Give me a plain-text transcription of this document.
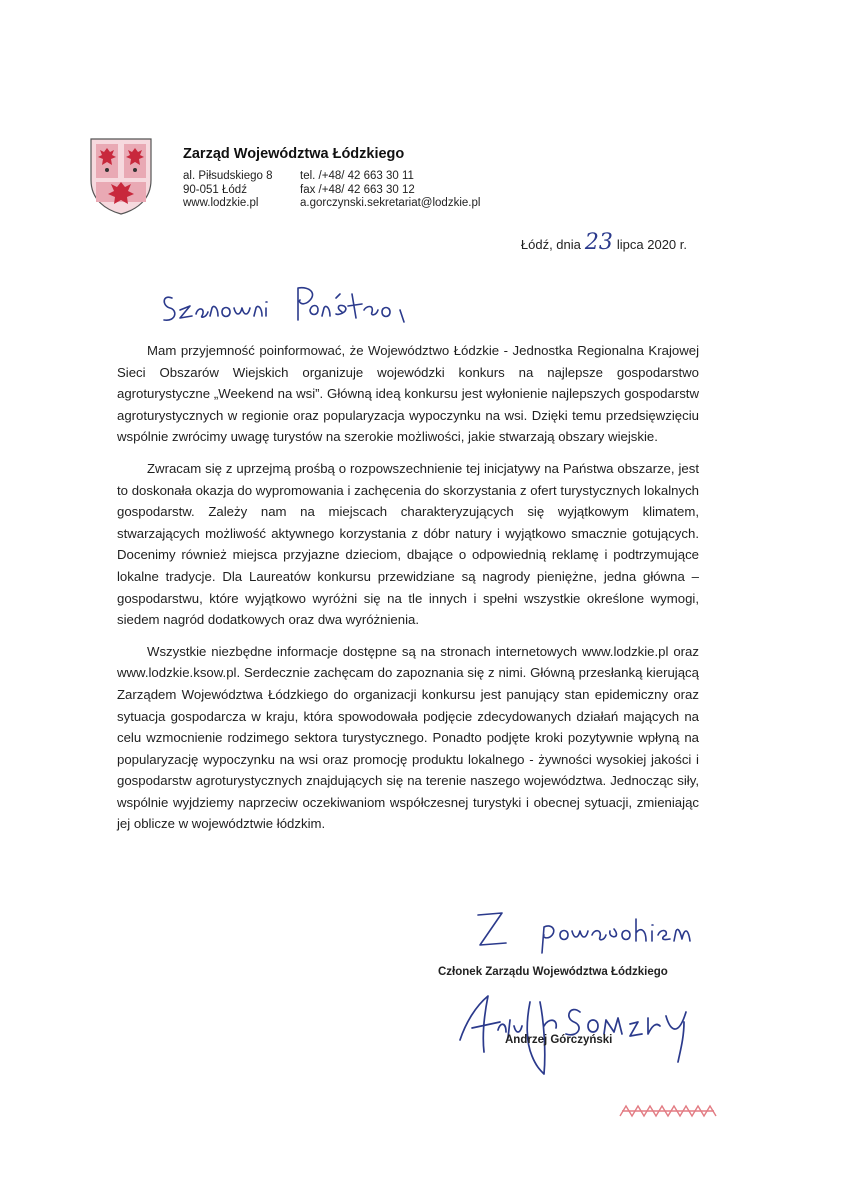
Zarząd Województwa Łódzkiego
al. Piłsudskiego 8
90-051 Łódź
www.lodzkie.pl
tel. /+48/ 42 663 30 11
fax /+48/ 42 663 30 12
a.gorczynski.sekretariat@lodzkie.pl
Łódź, dnia 23 lipca 2020 r.

Mam przyjemność poinformować, że Województwo Łódzkie - Jednostka Regionalna Krajowej Sieci Obszarów Wiejskich organizuje wojewódzki konkurs na najlepsze gospodarstwo agroturystyczne „Weekend na wsi”. Główną ideą konkursu jest wyłonienie najlepszych gospodarstw agroturystycznych w regionie oraz popularyzacja wypoczynku na wsi. Dzięki temu przedsięwzięciu wspólnie zwrócimy uwagę turystów na szerokie możliwości, jakie stwarzają obszary wiejskie.

Zwracam się z uprzejmą prośbą o rozpowszechnienie tej inicjatywy na Państwa obszarze, jest to doskonała okazja do wypromowania i zachęcenia do skorzystania z ofert turystycznych lokalnych gospodarstw. Zależy nam na miejscach charakteryzujących się wyjątkowym klimatem, stwarzających możliwość aktywnego korzystania z dóbr natury i wyjątkowo smacznie gotujących. Docenimy również miejsca przyjazne dzieciom, dbające o odpowiednią reklamę i podtrzymujące lokalne tradycje. Dla Laureatów konkursu przewidziane są nagrody pieniężne, jedna główna – gospodarstwu, które wyjątkowo wyróżni się na tle innych i spełni wszystkie określone wymogi, siedem nagród dodatkowych oraz dwa wyróżnienia.

Wszystkie niezbędne informacje dostępne są na stronach internetowych www.lodzkie.pl oraz www.lodzkie.ksow.pl. Serdecznie zachęcam do zapoznania się z nimi. Główną przesłanką kierującą Zarządem Województwa Łódzkiego do organizacji konkursu jest panujący stan epidemiczny oraz sytuacja gospodarcza w kraju, która spowodowała podjęcie zdecydowanych działań mających na celu wzmocnienie rodzimego sektora turystycznego. Ponadto podjęte kroki pozytywnie wpłyną na popularyzację wypoczynku na wsi oraz promocję produktu lokalnego - żywności wysokiej jakości i gospodarstw agroturystycznych znajdujących się na terenie naszego województwa. Jednocząc siły, wspólnie wyjdziemy naprzeciw oczekiwaniom współczesnej turystyki i obecnej sytuacji, zmieniając jej oblicze w województwie łódzkim.

Członek Zarządu Województwa Łódzkiego
Andrzej Górczyński
